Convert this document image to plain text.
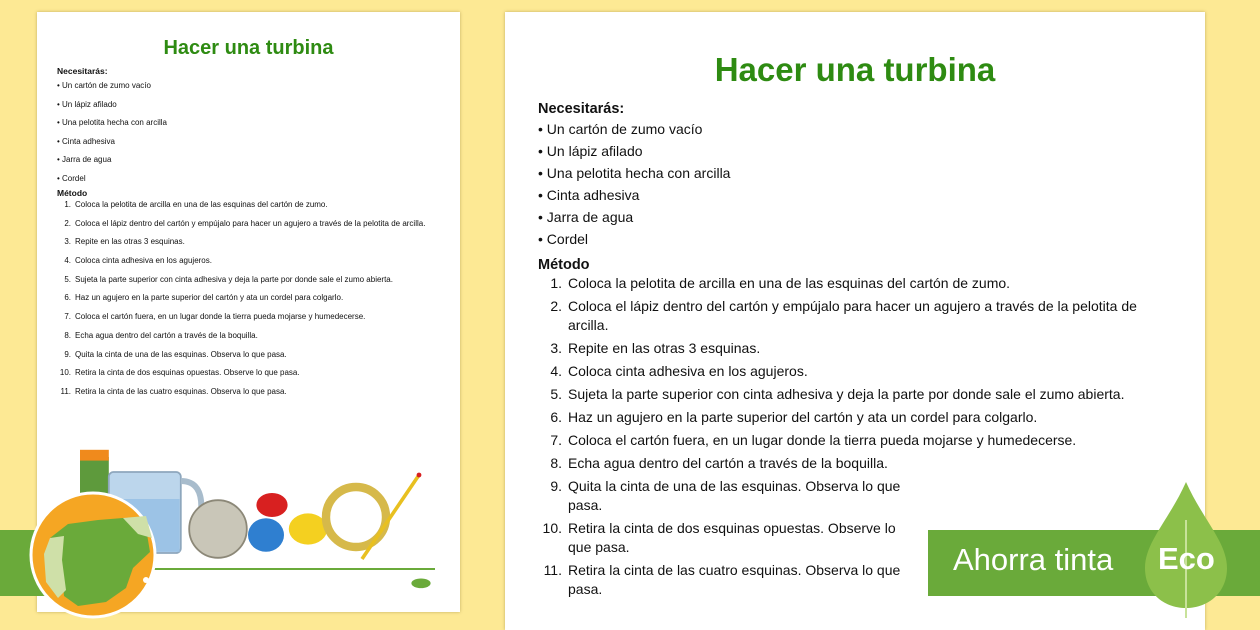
Hacer una turbina
Necesitarás:
• Un cartón de zumo vacío
• Un lápiz afilado
• Una pelotita hecha con arcilla
• Cinta adhesiva
• Jarra de agua
• Cordel
Método
1. Coloca la pelotita de arcilla en una de las esquinas del cartón de zumo.
2. Coloca el lápiz dentro del cartón y empújalo para hacer un agujero a través de la pelotita de arcilla.
3. Repite en las otras 3 esquinas.
4. Coloca cinta adhesiva en los agujeros.
5. Sujeta la parte superior con cinta adhesiva y deja la parte por donde sale el zumo abierta.
6. Haz un agujero en la parte superior del cartón y ata un cordel para colgarlo.
7. Coloca el cartón fuera, en un lugar donde la tierra pueda mojarse y humedecerse.
8. Echa agua dentro del cartón a través de la boquilla.
9. Quita la cinta de una de las esquinas. Observa lo que pasa.
10. Retira la cinta de dos esquinas opuestas. Observe lo que pasa.
11. Retira la cinta de las cuatro esquinas. Observa lo que pasa.
Hacer una turbina
Necesitarás:
• Un cartón de zumo vacío
• Un lápiz afilado
• Una pelotita hecha con arcilla
• Cinta adhesiva
• Jarra de agua
• Cordel
Método
1. Coloca la pelotita de arcilla en una de las esquinas del cartón de zumo.
2. Coloca el lápiz dentro del cartón y empújalo para hacer un agujero a través de la pelotita de arcilla.
3. Repite en las otras 3 esquinas.
4. Coloca cinta adhesiva en los agujeros.
5. Sujeta la parte superior con cinta adhesiva y deja la parte por donde sale el zumo abierta.
6. Haz un agujero en la parte superior del cartón y ata un cordel para colgarlo.
7. Coloca el cartón fuera, en un lugar donde la tierra pueda mojarse y humedecerse.
8. Echa agua dentro del cartón a través de la boquilla.
9. Quita la cinta de una de las esquinas. Observa lo que pasa.
10. Retira la cinta de dos esquinas opuestas. Observe lo que pasa.
11. Retira la cinta de las cuatro esquinas. Observa lo que pasa.
Ahorra tinta Eco
